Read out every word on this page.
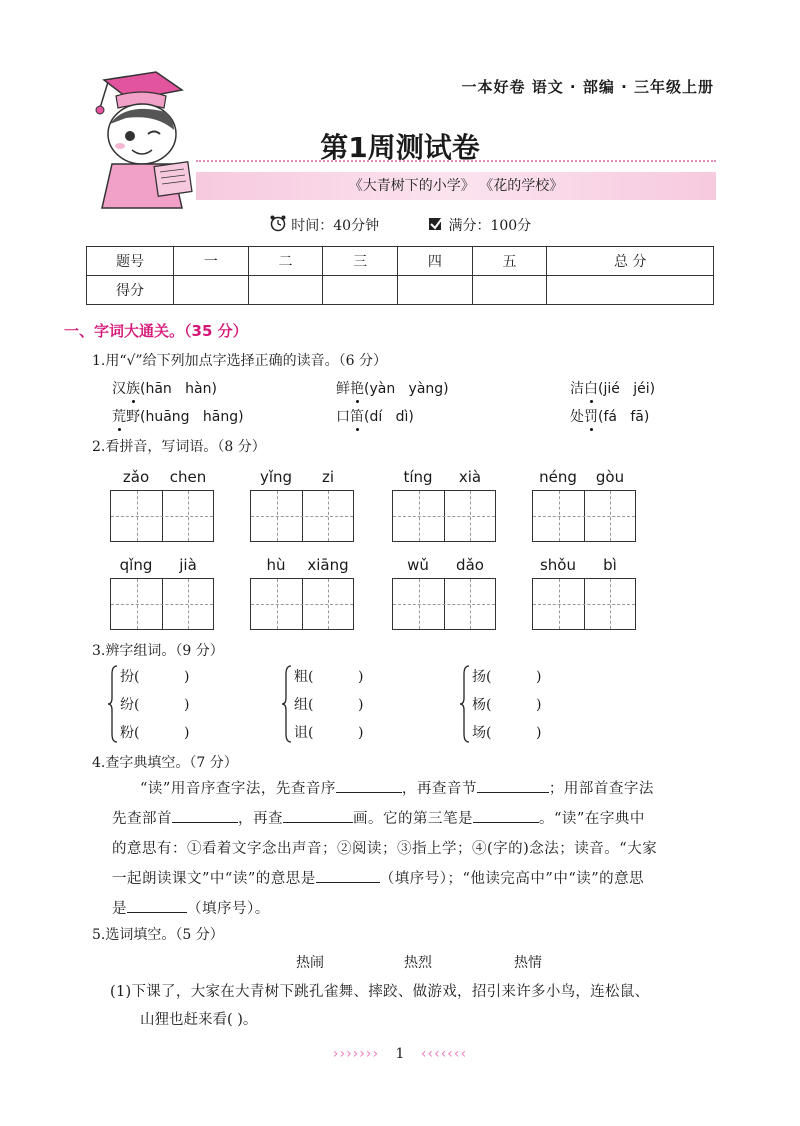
一本好卷 语文 · 部编 · 三年级上册
第1周测试卷
《大青树下的小学》 《花的学校》
时间：40分钟	满分：100分
题号	一	二	三	四	五	总 分
得分						
一、字词大通关。（35 分）
1.用“√”给下列加点字选择正确的读音。（6 分）
2.看拼音，写词语。（8 分）
3.辨字组词。（9 分）
4.查字典填空。（7 分）
“读”用音序查字法，先查音序	，再查音节	；用部首查字法
先查部首	，再查	画。它的第三笔是	。“读”在字典中
的意思有：①看着文字念出声音；②阅读；③指上学；④(字的)念法；读音。“大家
一起朗读课文”中“读”的意思是	（填序号）；“他读完高中”中“读”的意思
是	（填序号）。
5.选词填空。（5 分）
热闹	热烈	热情
(1)下课了，大家在大青树下跳孔雀舞、摔跤、做游戏，招引来许多小鸟，连松鼠、
山狸也赶来看( )。
››››››› 1 ‹‹‹‹‹‹‹
汉族(hān   hàn)	鲜艳(yàn   yàng)	洁白(jié   jéi)
荒野(huāng   hāng)	口笛(dí   dì)	处罚(fá   fā)
zǎo	chen	yǐng	zi	tíng	xià	néng	gòu
qǐng	jià	hù	xiāng	wǔ	dǎo	shǒu	bì
扮(          )
纷(          )
粉(          )
粗(          )
组(          )
诅(          )
扬(          )
杨(          )
场(          )
